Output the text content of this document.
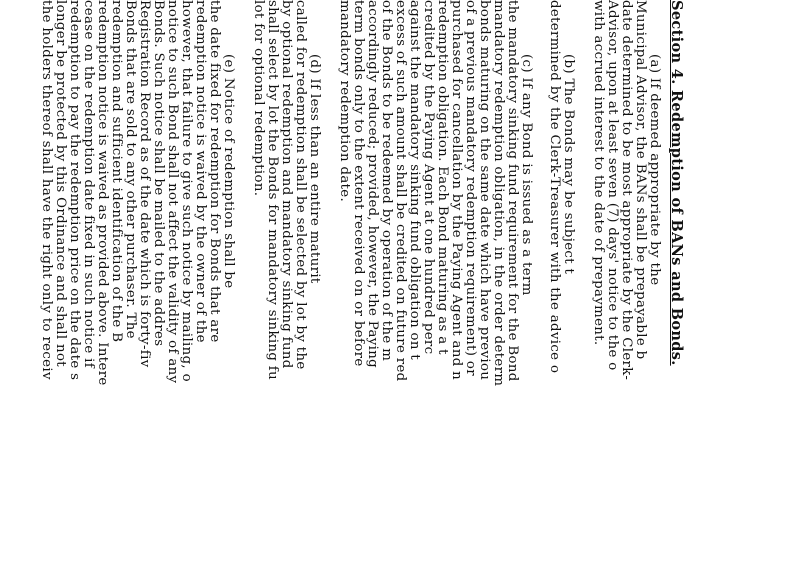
Section 4. Redemption of BANs and Bonds.
(a) If deemed appropriate by the
Municipal Advisor, the BANs shall be prepayable b
date determined to be most appropriate by the Clerk-
Advisor, upon at least seven (7) days' notice to the o
with accrued interest to the date of prepayment.
(b) The Bonds may be subject t
determined by the Clerk-Treasurer with the advice o
(c) If any Bond is issued as a term
the mandatory sinking fund requirement for the Bond
mandatory redemption obligation, in the order determ
bonds maturing on the same date which have previou
of a previous mandatory redemption requirement) or
purchased for cancellation by the Paying Agent and n
redemption obligation. Each Bond maturing as a t
credited by the Paying Agent at one hundred perc
against the mandatory sinking fund obligation on t
excess of such amount shall be credited on future red
of the Bonds to be redeemed by operation of the m
accordingly reduced; provided, however, the Paying
term bonds only to the extent received on or before
mandatory redemption date.
(d) If less than an entire maturit
called for redemption shall be selected by lot by the
by optional redemption and mandatory sinking fund
shall select by lot the Bonds for mandatory sinking fu
lot for optional redemption.
(e) Notice of redemption shall be
the date fixed for redemption for Bonds that are
redemption notice is waived by the owner of the
however, that failure to give such notice by mailing, o
notice to such Bond shall not affect the validity of any
Bonds. Such notice shall be mailed to the addres
Registration Record as of the date which is forty-fiv
Bonds that are sold to any other purchaser. The
redemption and sufficient identification of the B
redemption notice is waived as provided above. Intere
cease on the redemption date fixed in such notice if
redemption to pay the redemption price on the date s
longer be protected by this Ordinance and shall not
the holders thereof shall have the right only to receiv
